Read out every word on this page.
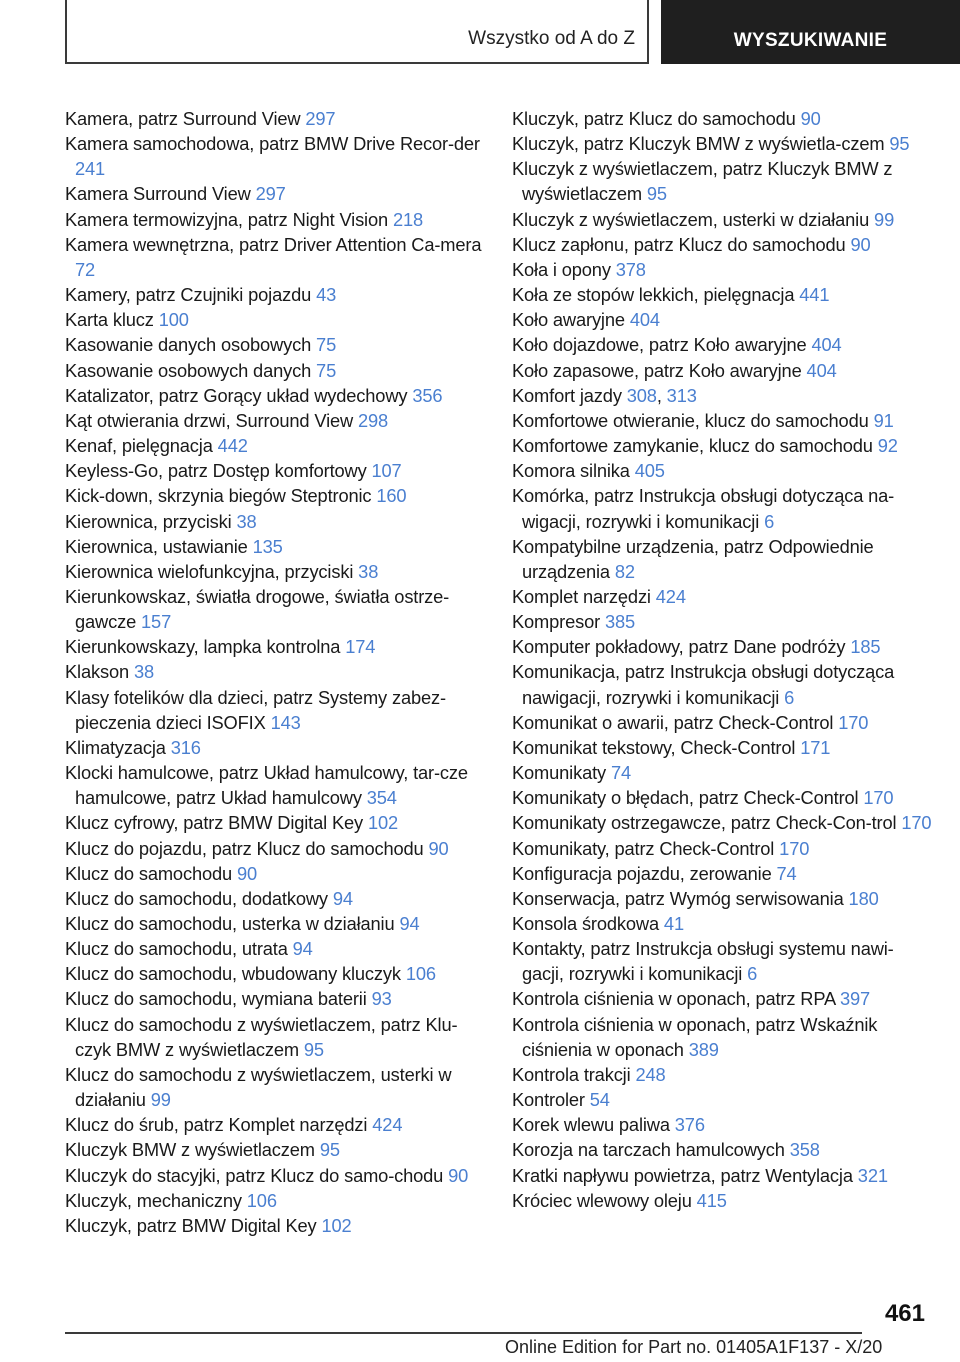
Wszystko od A do Z	WYSZUKIWANIE
Kamera, patrz Surround View 297
Kamera samochodowa, patrz BMW Drive Recor-der 241
Kamera Surround View 297
Kamera termowizyjna, patrz Night Vision 218
Kamera wewnętrzna, patrz Driver Attention Ca-mera 72
Kamery, patrz Czujniki pojazdu 43
Karta klucz 100
Kasowanie danych osobowych 75
Kasowanie osobowych danych 75
Katalizator, patrz Gorący układ wydechowy 356
Kąt otwierania drzwi, Surround View 298
Kenaf, pielęgnacja 442
Keyless-Go, patrz Dostęp komfortowy 107
Kick-down, skrzynia biegów Steptronic 160
Kierownica, przyciski 38
Kierownica, ustawianie 135
Kierownica wielofunkcyjna, przyciski 38
Kierunkowskaz, światła drogowe, światła ostrze-gawcze 157
Kierunkowskazy, lampka kontrolna 174
Klakson 38
Klasy fotelików dla dzieci, patrz Systemy zabez-pieczenia dzieci ISOFIX 143
Klimatyzacja 316
Klocki hamulcowe, patrz Układ hamulcowy, tar-cze hamulcowe, patrz Układ hamulcowy 354
Klucz cyfrowy, patrz BMW Digital Key 102
Klucz do pojazdu, patrz Klucz do samochodu 90
Klucz do samochodu 90
Klucz do samochodu, dodatkowy 94
Klucz do samochodu, usterka w działaniu 94
Klucz do samochodu, utrata 94
Klucz do samochodu, wbudowany kluczyk 106
Klucz do samochodu, wymiana baterii 93
Klucz do samochodu z wyświetlaczem, patrz Klu-czyk BMW z wyświetlaczem 95
Klucz do samochodu z wyświetlaczem, usterki w działaniu 99
Klucz do śrub, patrz Komplet narzędzi 424
Kluczyk BMW z wyświetlaczem 95
Kluczyk do stacyjki, patrz Klucz do samo-chodu 90
Kluczyk, mechaniczny 106
Kluczyk, patrz BMW Digital Key 102
Kluczyk, patrz Klucz do samochodu 90
Kluczyk, patrz Kluczyk BMW z wyświetla-czem 95
Kluczyk z wyświetlaczem, patrz Kluczyk BMW z wyświetlaczem 95
Kluczyk z wyświetlaczem, usterki w działaniu 99
Klucz zapłonu, patrz Klucz do samochodu 90
Koła i opony 378
Koła ze stopów lekkich, pielęgnacja 441
Koło awaryjne 404
Koło dojazdowe, patrz Koło awaryjne 404
Koło zapasowe, patrz Koło awaryjne 404
Komfort jazdy 308, 313
Komfortowe otwieranie, klucz do samochodu 91
Komfortowe zamykanie, klucz do samochodu 92
Komora silnika 405
Komórka, patrz Instrukcja obsługi dotycząca na-wigacji, rozrywki i komunikacji 6
Kompatybilne urządzenia, patrz Odpowiednie urządzenia 82
Komplet narzędzi 424
Kompresor 385
Komputer pokładowy, patrz Dane podróży 185
Komunikacja, patrz Instrukcja obsługi dotycząca nawigacji, rozrywki i komunikacji 6
Komunikat o awarii, patrz Check-Control 170
Komunikat tekstowy, Check-Control 171
Komunikaty 74
Komunikaty o błędach, patrz Check-Control 170
Komunikaty ostrzegawcze, patrz Check-Con-trol 170
Komunikaty, patrz Check-Control 170
Konfiguracja pojazdu, zerowanie 74
Konserwacja, patrz Wymóg serwisowania 180
Konsola środkowa 41
Kontakty, patrz Instrukcja obsługi systemu nawi-gacji, rozrywki i komunikacji 6
Kontrola ciśnienia w oponach, patrz RPA 397
Kontrola ciśnienia w oponach, patrz Wskaźnik ciśnienia w oponach 389
Kontrola trakcji 248
Kontroler 54
Korek wlewu paliwa 376
Korozja na tarczach hamulcowych 358
Kratki napływu powietrza, patrz Wentylacja 321
Króciec wlewowy oleju 415
461
Online Edition for Part no. 01405A1F137 - X/20
